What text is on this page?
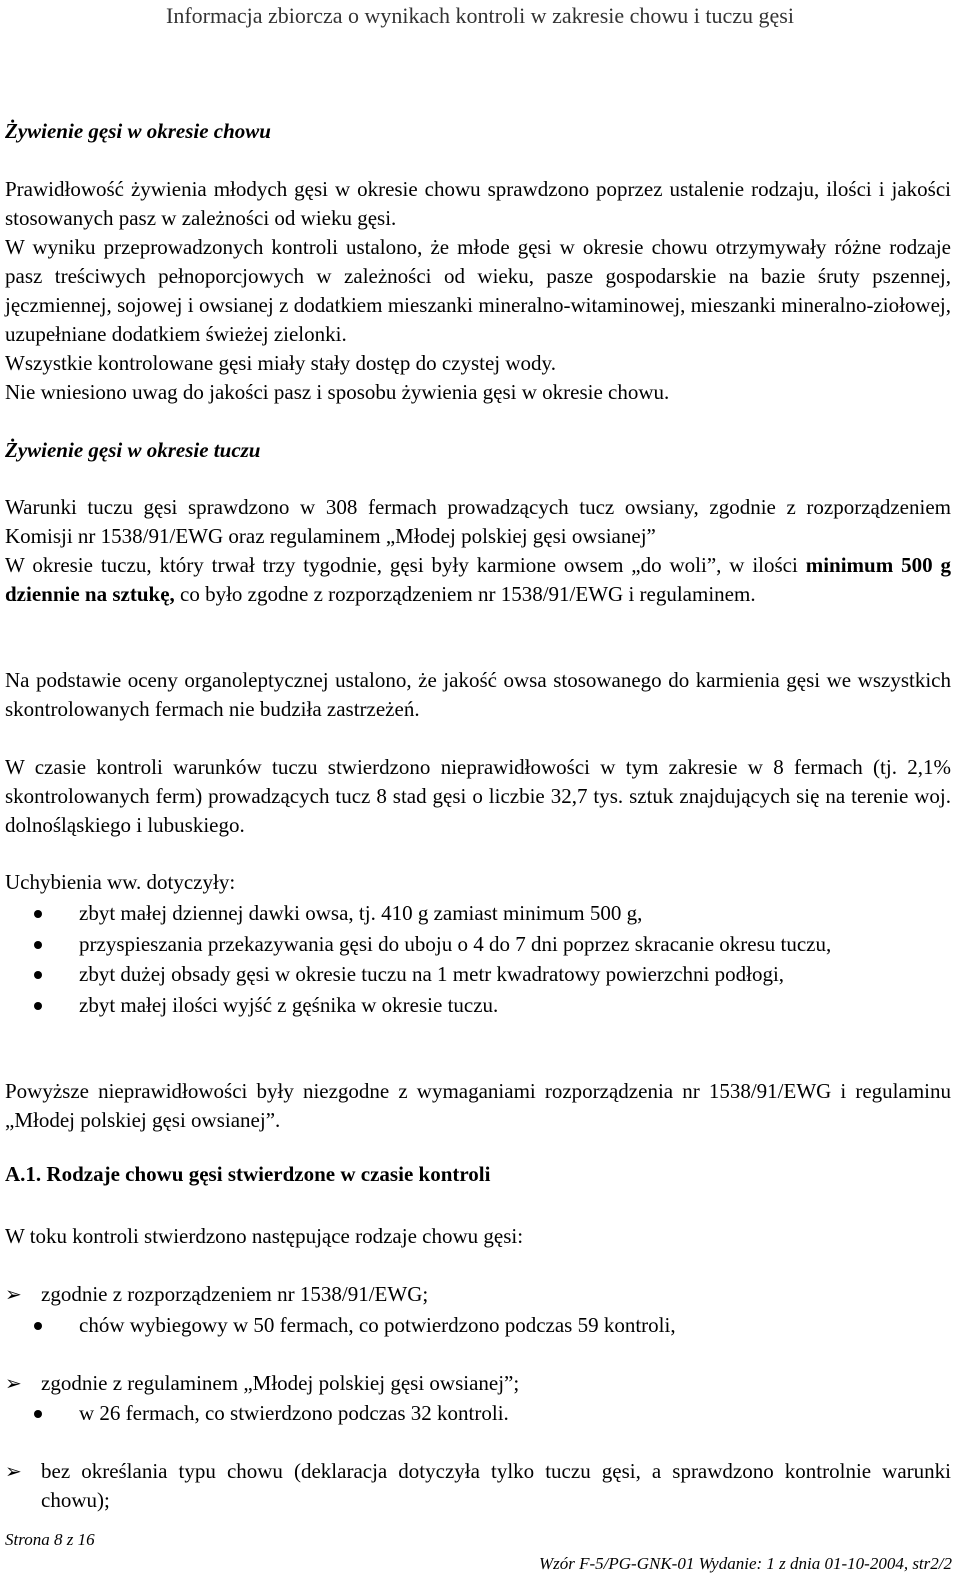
Informacja zbiorcza o wynikach kontroli w zakresie chowu i tuczu gęsi
Żywienie gęsi w okresie chowu

Prawidłowość żywienia młodych gęsi w okresie chowu sprawdzono poprzez ustalenie rodzaju, ilości i jakości stosowanych pasz w zależności od wieku gęsi.

W wyniku przeprowadzonych kontroli ustalono, że młode gęsi w okresie chowu otrzymywały różne rodzaje pasz treściwych pełnoporcjowych w zależności od wieku, pasze gospodarskie na bazie śruty pszennej, jęczmiennej, sojowej i owsianej z dodatkiem mieszanki mineralno-witaminowej, mieszanki mineralno-ziołowej, uzupełniane dodatkiem świeżej zielonki.

Wszystkie kontrolowane gęsi miały stały dostęp do czystej wody.

Nie wniesiono uwag do jakości pasz i sposobu żywienia gęsi w okresie chowu.

Żywienie gęsi w okresie tuczu

Warunki tuczu gęsi sprawdzono w 308 fermach prowadzących tucz owsiany, zgodnie z rozporządzeniem Komisji nr 1538/91/EWG oraz regulaminem „Młodej polskiej gęsi owsianej”

W okresie tuczu, który trwał trzy tygodnie, gęsi były karmione owsem „do woli”, w ilości minimum 500 g dziennie na sztukę, co było zgodne z rozporządzeniem nr 1538/91/EWG i regulaminem.

Na podstawie oceny organoleptycznej ustalono, że jakość owsa stosowanego do karmienia gęsi we wszystkich skontrolowanych fermach nie budziła zastrzeżeń.

W czasie kontroli warunków tuczu stwierdzono nieprawidłowości w tym zakresie w 8 fermach (tj. 2,1% skontrolowanych ferm) prowadzących tucz 8 stad gęsi o liczbie 32,7 tys. sztuk znajdujących się na terenie woj. dolnośląskiego i lubuskiego.

Uchybienia ww. dotyczyły:

zbyt małej dziennej dawki owsa, tj. 410 g zamiast minimum 500 g,

przyspieszania przekazywania gęsi do uboju o 4 do 7 dni poprzez skracanie okresu tuczu,

zbyt dużej obsady gęsi w okresie tuczu na 1 metr kwadratowy powierzchni podłogi,

zbyt małej ilości wyjść z gęśnika w okresie tuczu.

Powyższe nieprawidłowości były niezgodne z wymaganiami rozporządzenia nr 1538/91/EWG i regulaminu „Młodej polskiej gęsi owsianej”.

A.1. Rodzaje chowu gęsi stwierdzone w czasie kontroli

W toku kontroli stwierdzono następujące rodzaje chowu gęsi:

➢ zgodnie z rozporządzeniem nr 1538/91/EWG;

chów wybiegowy w 50 fermach, co potwierdzono podczas 59 kontroli,

➢ zgodnie z regulaminem „Młodej polskiej gęsi owsianej”;

w 26 fermach, co stwierdzono podczas 32 kontroli.

➢ bez określania typu chowu (deklaracja dotyczyła tylko tuczu gęsi, a sprawdzono kontrolnie warunki chowu);

Strona 8 z 16
Wzór F-5/PG-GNK-01 Wydanie: 1 z dnia 01-10-2004, str2/2
